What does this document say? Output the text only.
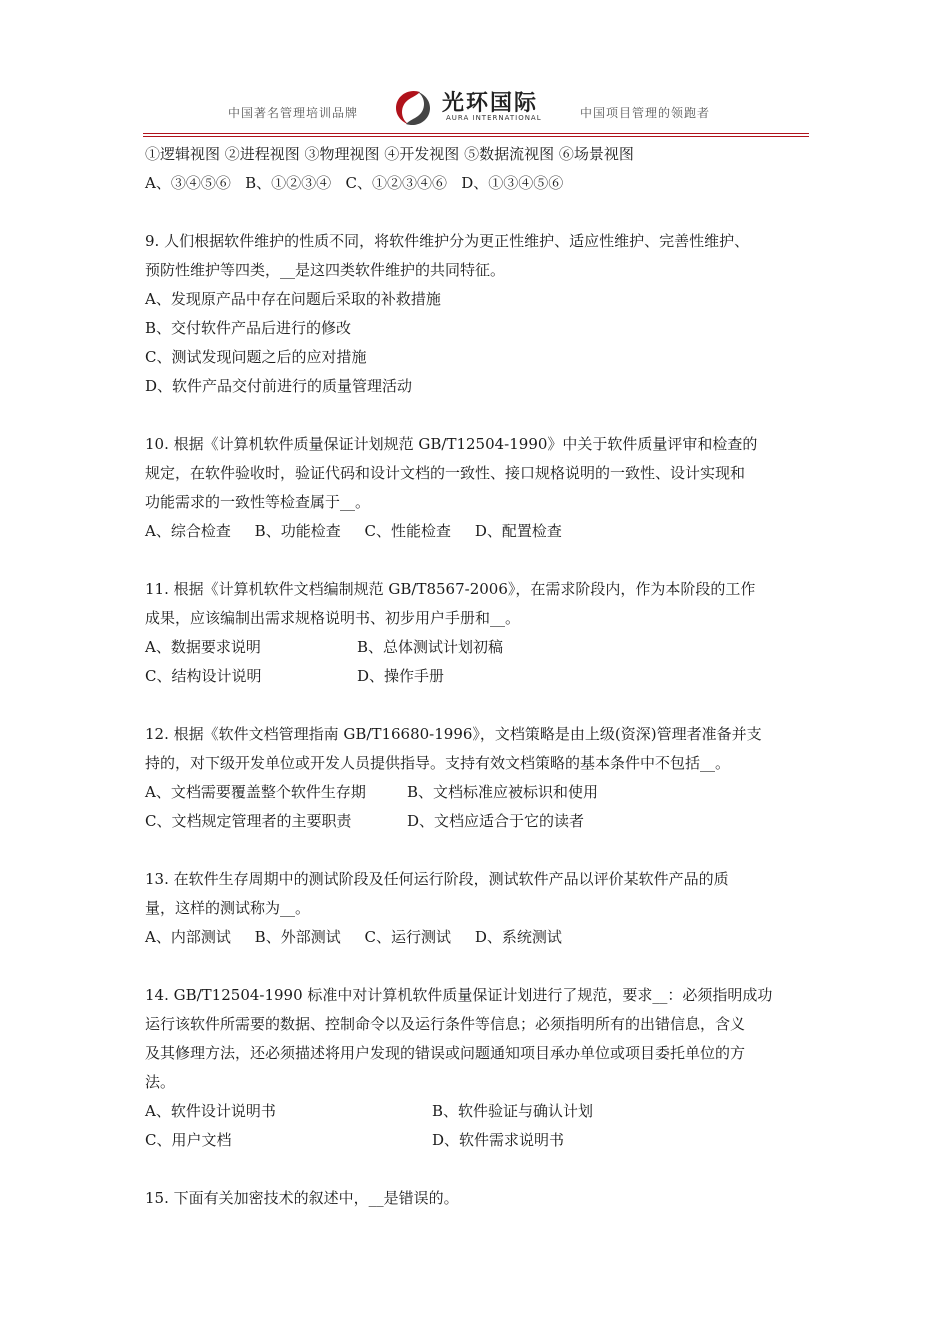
中国著名管理培训品牌	光环国际
AURA INTERNATIONAL	中国项目管理的领跑者
①逻辑视图 ②进程视图 ③物理视图 ④开发视图 ⑤数据流视图 ⑥场景视图
A、③④⑤⑥   B、①②③④   C、①②③④⑥   D、①③④⑤⑥
9. 人们根据软件维护的性质不同，将软件维护分为更正性维护、适应性维护、完善性维护、
预防性维护等四类，__是这四类软件维护的共同特征。
A、发现原产品中存在问题后采取的补救措施
B、交付软件产品后进行的修改
C、测试发现问题之后的应对措施
D、软件产品交付前进行的质量管理活动
10. 根据《计算机软件质量保证计划规范 GB/T12504-1990》中关于软件质量评审和检查的
规定，在软件验收时，验证代码和设计文档的一致性、接口规格说明的一致性、设计实现和
功能需求的一致性等检查属于__。
A、综合检查     B、功能检查     C、性能检查     D、配置检查
11. 根据《计算机软件文档编制规范 GB/T8567-2006》，在需求阶段内，作为本阶段的工作
成果，应该编制出需求规格说明书、初步用户手册和__。
A、数据要求说明	B、总体测试计划初稿
C、结构设计说明	D、操作手册
12. 根据《软件文档管理指南 GB/T16680-1996》，文档策略是由上级(资深)管理者准备并支
持的，对下级开发单位或开发人员提供指导。支持有效文档策略的基本条件中不包括__。
A、文档需要覆盖整个软件生存期	B、文档标准应被标识和使用
C、文档规定管理者的主要职责	D、文档应适合于它的读者
13. 在软件生存周期中的测试阶段及任何运行阶段，测试软件产品以评价某软件产品的质
量，这样的测试称为__。
A、内部测试     B、外部测试     C、运行测试     D、系统测试
14. GB/T12504-1990 标准中对计算机软件质量保证计划进行了规范，要求__：必须指明成功
运行该软件所需要的数据、控制命令以及运行条件等信息；必须指明所有的出错信息，含义
及其修理方法，还必须描述将用户发现的错误或问题通知项目承办单位或项目委托单位的方
法。
A、软件设计说明书	B、软件验证与确认计划
C、用户文档	D、软件需求说明书
15. 下面有关加密技术的叙述中，__是错误的。
